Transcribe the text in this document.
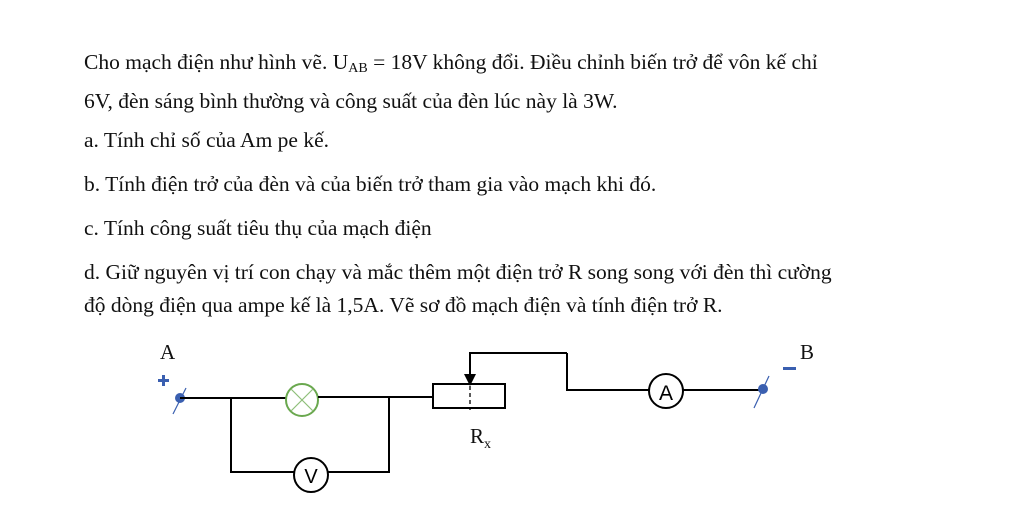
Cho mạch điện như hình vẽ. $U_{AB} = 18V$ không đổi. Điều chỉnh biến trở để vôn kế chỉ
6V, đèn sáng bình thường và công suất của đèn lúc này là 3W.

a. Tính chỉ số của Am pe kế.

b. Tính điện trở của đèn và của biến trở tham gia vào mạch khi đó.

c. Tính công suất tiêu thụ của mạch điện

d. Giữ nguyên vị trí con chạy và mắc thêm một điện trở R song song với đèn thì cường
độ dòng điện qua ampe kế là 1,5A. Vẽ sơ đồ mạch điện và tính điện trở R.

A
V
$R_x$
A
B
